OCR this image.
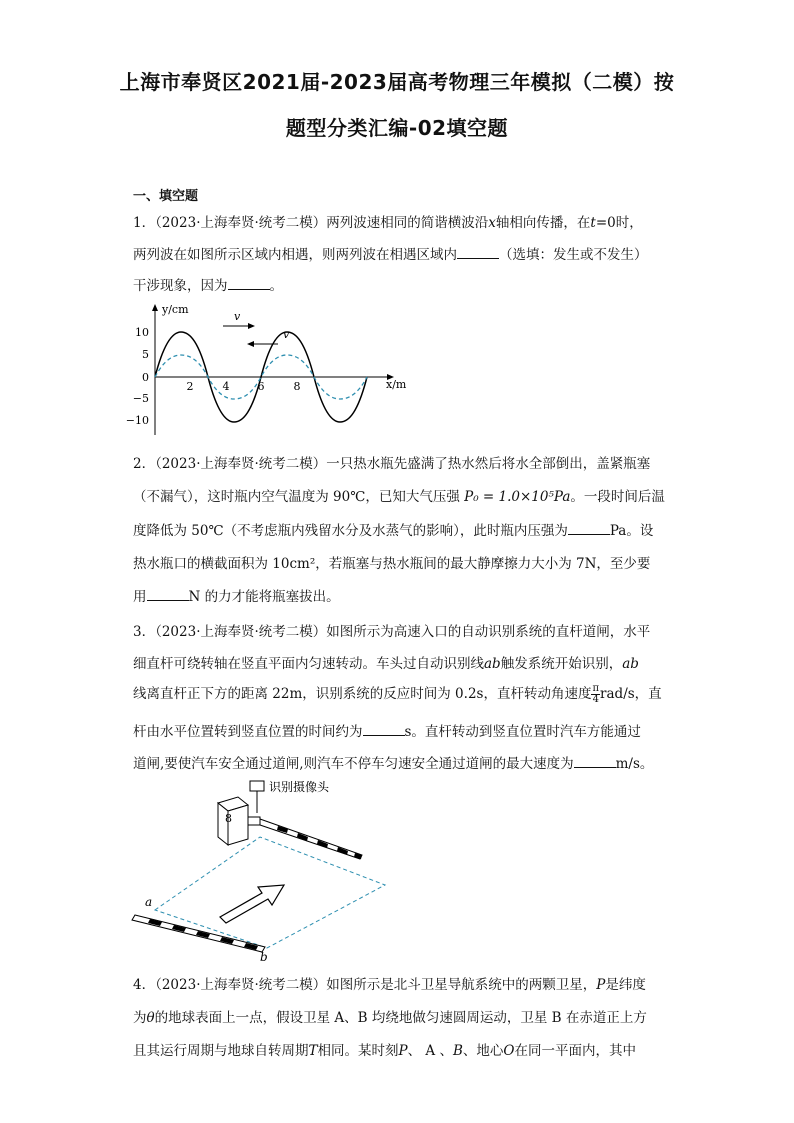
上海市奉贤区2021届-2023届高考物理三年模拟（二模）按
题型分类汇编-02填空题
一、填空题
1．（2023·上海奉贤·统考二模）两列波速相同的简谐横波沿x轴相向传播，在t=0时，
两列波在如图所示区域内相遇，则两列波在相遇区域内	（选填：发生或不发生）
干涉现象，因为	。
y/cm
x/m
10
5
0
−5
−10
2	4	6	8
v
v
2．（2023·上海奉贤·统考二模）一只热水瓶先盛满了热水然后将水全部倒出，盖紧瓶塞
（不漏气），这时瓶内空气温度为 90℃，已知大气压强 P₀ = 1.0×10⁵Pa。一段时间后温
度降低为 50℃（不考虑瓶内残留水分及水蒸气的影响），此时瓶内压强为	Pa。设
热水瓶口的横截面积为 10cm²，若瓶塞与热水瓶间的最大静摩擦力大小为 7N，至少要
用	N 的力才能将瓶塞拔出。
3．（2023·上海奉贤·统考二模）如图所示为高速入口的自动识别系统的直杆道闸，水平
细直杆可绕转轴在竖直平面内匀速转动。车头过自动识别线ab触发系统开始识别，ab
线离直杆正下方的距离 22m，识别系统的反应时间为 0.2s，直杆转动角速度 $\frac{\pi}{4} rad/s$，直
杆由水平位置转到竖直位置的时间约为	s。直杆转动到竖直位置时汽车方能通过
道闸,要使汽车安全通过道闸,则汽车不停车匀速安全通过道闸的最大速度为	m/s。
识别摄像头
8
a
b
4．（2023·上海奉贤·统考二模）如图所示是北斗卫星导航系统中的两颗卫星，P是纬度
为θ的地球表面上一点，假设卫星 A、B 均绕地做匀速圆周运动，卫星 B 在赤道正上方
且其运行周期与地球自转周期T相同。某时刻P、 A 、B、地心O在同一平面内，其中
